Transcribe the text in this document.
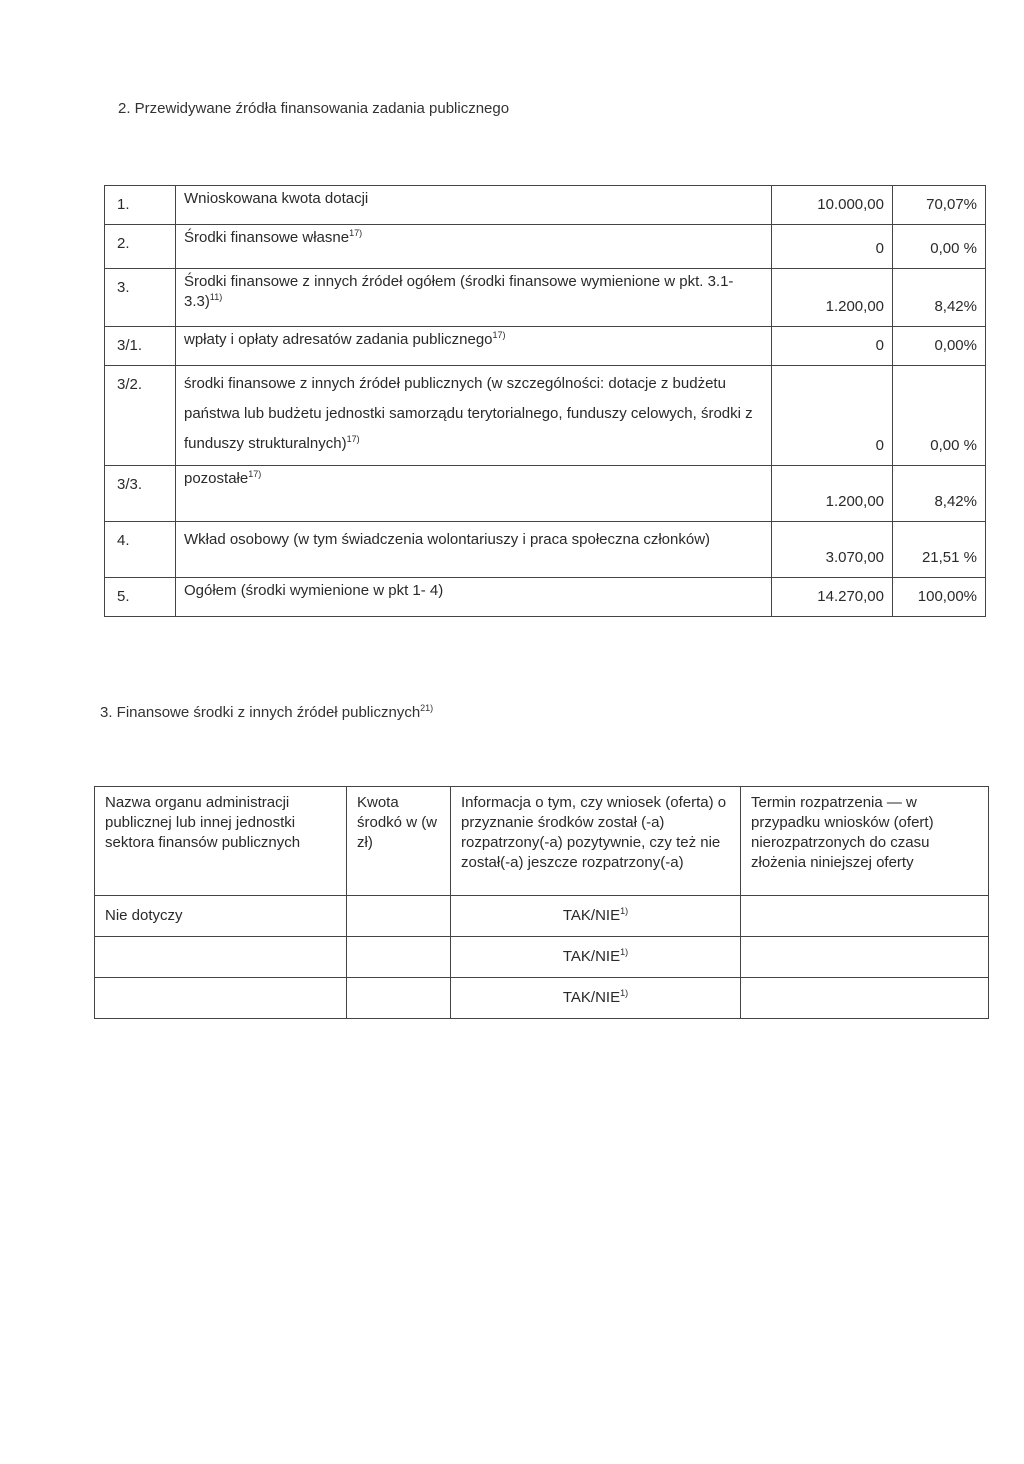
2. Przewidywane źródła finansowania zadania publicznego
1.	Wnioskowana kwota dotacji	10.000,00	70,07%
2.	Środki finansowe własne$^{17)}$	0	0,00 %
3.	Środki finansowe z innych źródeł ogółem (środki finansowe wymienione w pkt. 3.1-3.3)$^{11)}$	1.200,00	8,42%
3/1.	wpłaty i opłaty adresatów zadania publicznego$^{17)}$	0	0,00%
3/2.	środki finansowe z innych źródeł publicznych (w szczególności: dotacje z budżetu państwa lub budżetu jednostki samorządu terytorialnego, funduszy celowych, środki z funduszy strukturalnych)$^{17)}$	0	0,00 %
3/3.	pozostałe$^{17)}$	1.200,00	8,42%
4.	Wkład osobowy (w tym świadczenia wolontariuszy i praca społeczna członków)	3.070,00	21,51 %
5.	Ogółem (środki wymienione w pkt 1- 4)	14.270,00	100,00%
3. Finansowe środki z innych źródeł publicznych$^{21)}$
Nazwa organu administracji publicznej lub innej jednostki sektora finansów publicznych	Kwota środkó w (w zł)	Informacja o tym, czy wniosek (oferta) o przyznanie środków został (-a) rozpatrzony(-a) pozytywnie, czy też nie został(-a) jeszcze rozpatrzony(-a)	Termin rozpatrzenia — w przypadku wniosków (ofert) nierozpatrzonych do czasu złożenia niniejszej oferty
Nie dotyczy		TAK/NIE$^{1)}$	
		TAK/NIE$^{1)}$	
		TAK/NIE$^{1)}$	
